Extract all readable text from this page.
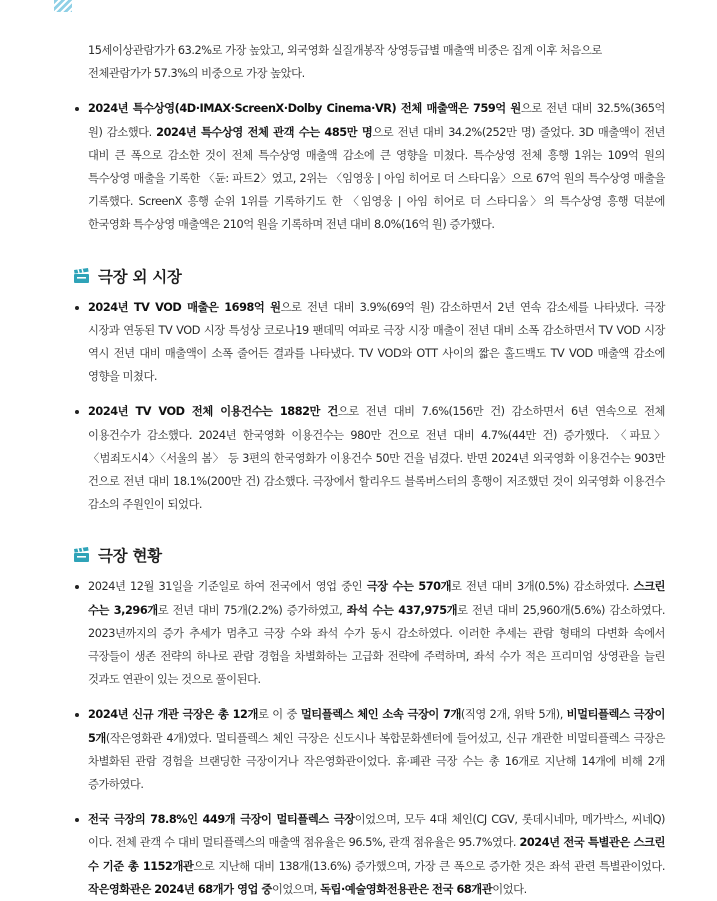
15세이상관람가가 63.2%로 가장 높았고, 외국영화 실질개봉작 상영등급별 매출액 비중은 집계 이후 처음으로

전체관람가가 57.3%의 비중으로 가장 높았다.

2024년 특수상영(4D·IMAX·ScreenX·Dolby Cinema·VR) 전체 매출액은 759억 원으로 전년 대비 32.5%(365억 원) 감소했다. 2024년 특수상영 전체 관객 수는 485만 명으로 전년 대비 34.2%(252만 명) 줄었다. 3D 매출액이 전년 대비 큰 폭으로 감소한 것이 전체 특수상영 매출액 감소에 큰 영향을 미쳤다. 특수상영 전체 흥행 1위는 109억 원의 특수상영 매출을 기록한 〈듄: 파트2〉였고, 2위는 〈임영웅 | 아임 히어로 더 스타디움〉으로 67억 원의 특수상영 매출을 기록했다. ScreenX 흥행 순위 1위를 기록하기도 한 〈임영웅 | 아임 히어로 더 스타디움〉의 특수상영 흥행 덕분에 한국영화 특수상영 매출액은 210억 원을 기록하며 전년 대비 8.0%(16억 원) 증가했다.
극장 외 시장
2024년 TV VOD 매출은 1698억 원으로 전년 대비 3.9%(69억 원) 감소하면서 2년 연속 감소세를 나타냈다. 극장 시장과 연동된 TV VOD 시장 특성상 코로나19 팬데믹 여파로 극장 시장 매출이 전년 대비 소폭 감소하면서 TV VOD 시장 역시 전년 대비 매출액이 소폭 줄어든 결과를 나타냈다. TV VOD와 OTT 사이의 짧은 홀드백도 TV VOD 매출액 감소에 영향을 미쳤다.
2024년 TV VOD 전체 이용건수는 1882만 건으로 전년 대비 7.6%(156만 건) 감소하면서 6년 연속으로 전체 이용건수가 감소했다. 2024년 한국영화 이용건수는 980만 건으로 전년 대비 4.7%(44만 건) 증가했다. 〈파묘〉〈범죄도시4〉〈서울의 봄〉 등 3편의 한국영화가 이용건수 50만 건을 넘겼다. 반면 2024년 외국영화 이용건수는 903만 건으로 전년 대비 18.1%(200만 건) 감소했다. 극장에서 할리우드 블록버스터의 흥행이 저조했던 것이 외국영화 이용건수 감소의 주원인이 되었다.
극장 현황
2024년 12월 31일을 기준일로 하여 전국에서 영업 중인 극장 수는 570개로 전년 대비 3개(0.5%) 감소하였다. 스크린 수는 3,296개로 전년 대비 75개(2.2%) 증가하였고, 좌석 수는 437,975개로 전년 대비 25,960개(5.6%) 감소하였다. 2023년까지의 증가 추세가 멈추고 극장 수와 좌석 수가 동시 감소하였다. 이러한 추세는 관람 형태의 다변화 속에서 극장들이 생존 전략의 하나로 관람 경험을 차별화하는 고급화 전략에 주력하며, 좌석 수가 적은 프리미엄 상영관을 늘린 것과도 연관이 있는 것으로 풀이된다.
2024년 신규 개관 극장은 총 12개로 이 중 멀티플렉스 체인 소속 극장이 7개(직영 2개, 위탁 5개), 비멀티플렉스 극장이 5개(작은영화관 4개)였다. 멀티플렉스 체인 극장은 신도시나 복합문화센터에 들어섰고, 신규 개관한 비멀티플렉스 극장은 차별화된 관람 경험을 브랜딩한 극장이거나 작은영화관이었다. 휴·폐관 극장 수는 총 16개로 지난해 14개에 비해 2개 증가하였다.
전국 극장의 78.8%인 449개 극장이 멀티플렉스 극장이었으며, 모두 4대 체인(CJ CGV, 롯데시네마, 메가박스, 씨네Q)이다. 전체 관객 수 대비 멀티플렉스의 매출액 점유율은 96.5%, 관객 점유율은 95.7%였다. 2024년 전국 특별관은 스크린 수 기준 총 1152개관으로 지난해 대비 138개(13.6%) 증가했으며, 가장 큰 폭으로 증가한 것은 좌석 관련 특별관이었다. 작은영화관은 2024년 68개가 영업 중이었으며, 독립·예술영화전용관은 전국 68개관이었다.
